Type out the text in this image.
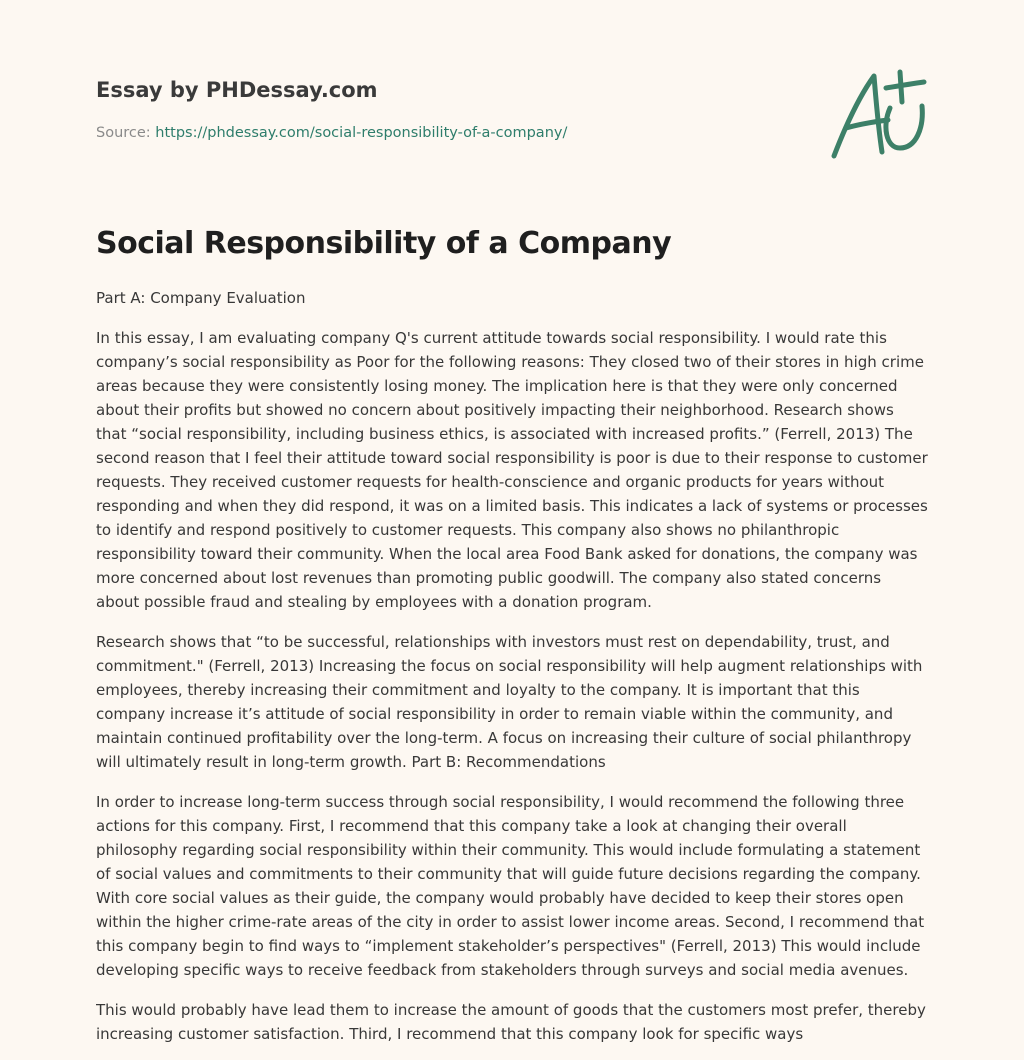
Essay by PHDessay.com
Source: https://phdessay.com/social-responsibility-of-a-company/
Social Responsibility of a Company

Part A: Company Evaluation

In this essay, I am evaluating company Q's current attitude towards social responsibility. I would rate this company’s social responsibility as Poor for the following reasons: They closed two of their stores in high crime areas because they were consistently losing money. The implication here is that they were only concerned about their profits but showed no concern about positively impacting their neighborhood. Research shows that “social responsibility, including business ethics, is associated with increased profits.” (Ferrell, 2013) The second reason that I feel their attitude toward social responsibility is poor is due to their response to customer requests. They received customer requests for health-conscience and organic products for years without responding and when they did respond, it was on a limited basis. This indicates a lack of systems or processes to identify and respond positively to customer requests. This company also shows no philanthropic responsibility toward their community. When the local area Food Bank asked for donations, the company was more concerned about lost revenues than promoting public goodwill. The company also stated concerns about possible fraud and stealing by employees with a donation program.

Research shows that “to be successful, relationships with investors must rest on dependability, trust, and commitment." (Ferrell, 2013) Increasing the focus on social responsibility will help augment relationships with employees, thereby increasing their commitment and loyalty to the company. It is important that this company increase it’s attitude of social responsibility in order to remain viable within the community, and maintain continued profitability over the long-term. A focus on increasing their culture of social philanthropy will ultimately result in long-term growth. Part B: Recommendations

In order to increase long-term success through social responsibility, I would recommend the following three actions for this company. First, I recommend that this company take a look at changing their overall philosophy regarding social responsibility within their community. This would include formulating a statement of social values and commitments to their community that will guide future decisions regarding the company. With core social values as their guide, the company would probably have decided to keep their stores open within the higher crime-rate areas of the city in order to assist lower income areas. Second, I recommend that this company begin to find ways to “implement stakeholder’s perspectives" (Ferrell, 2013) This would include developing specific ways to receive feedback from stakeholders through surveys and social media avenues.

This would probably have lead them to increase the amount of goods that the customers most prefer, thereby increasing customer satisfaction. Third, I recommend that this company look for specific ways
